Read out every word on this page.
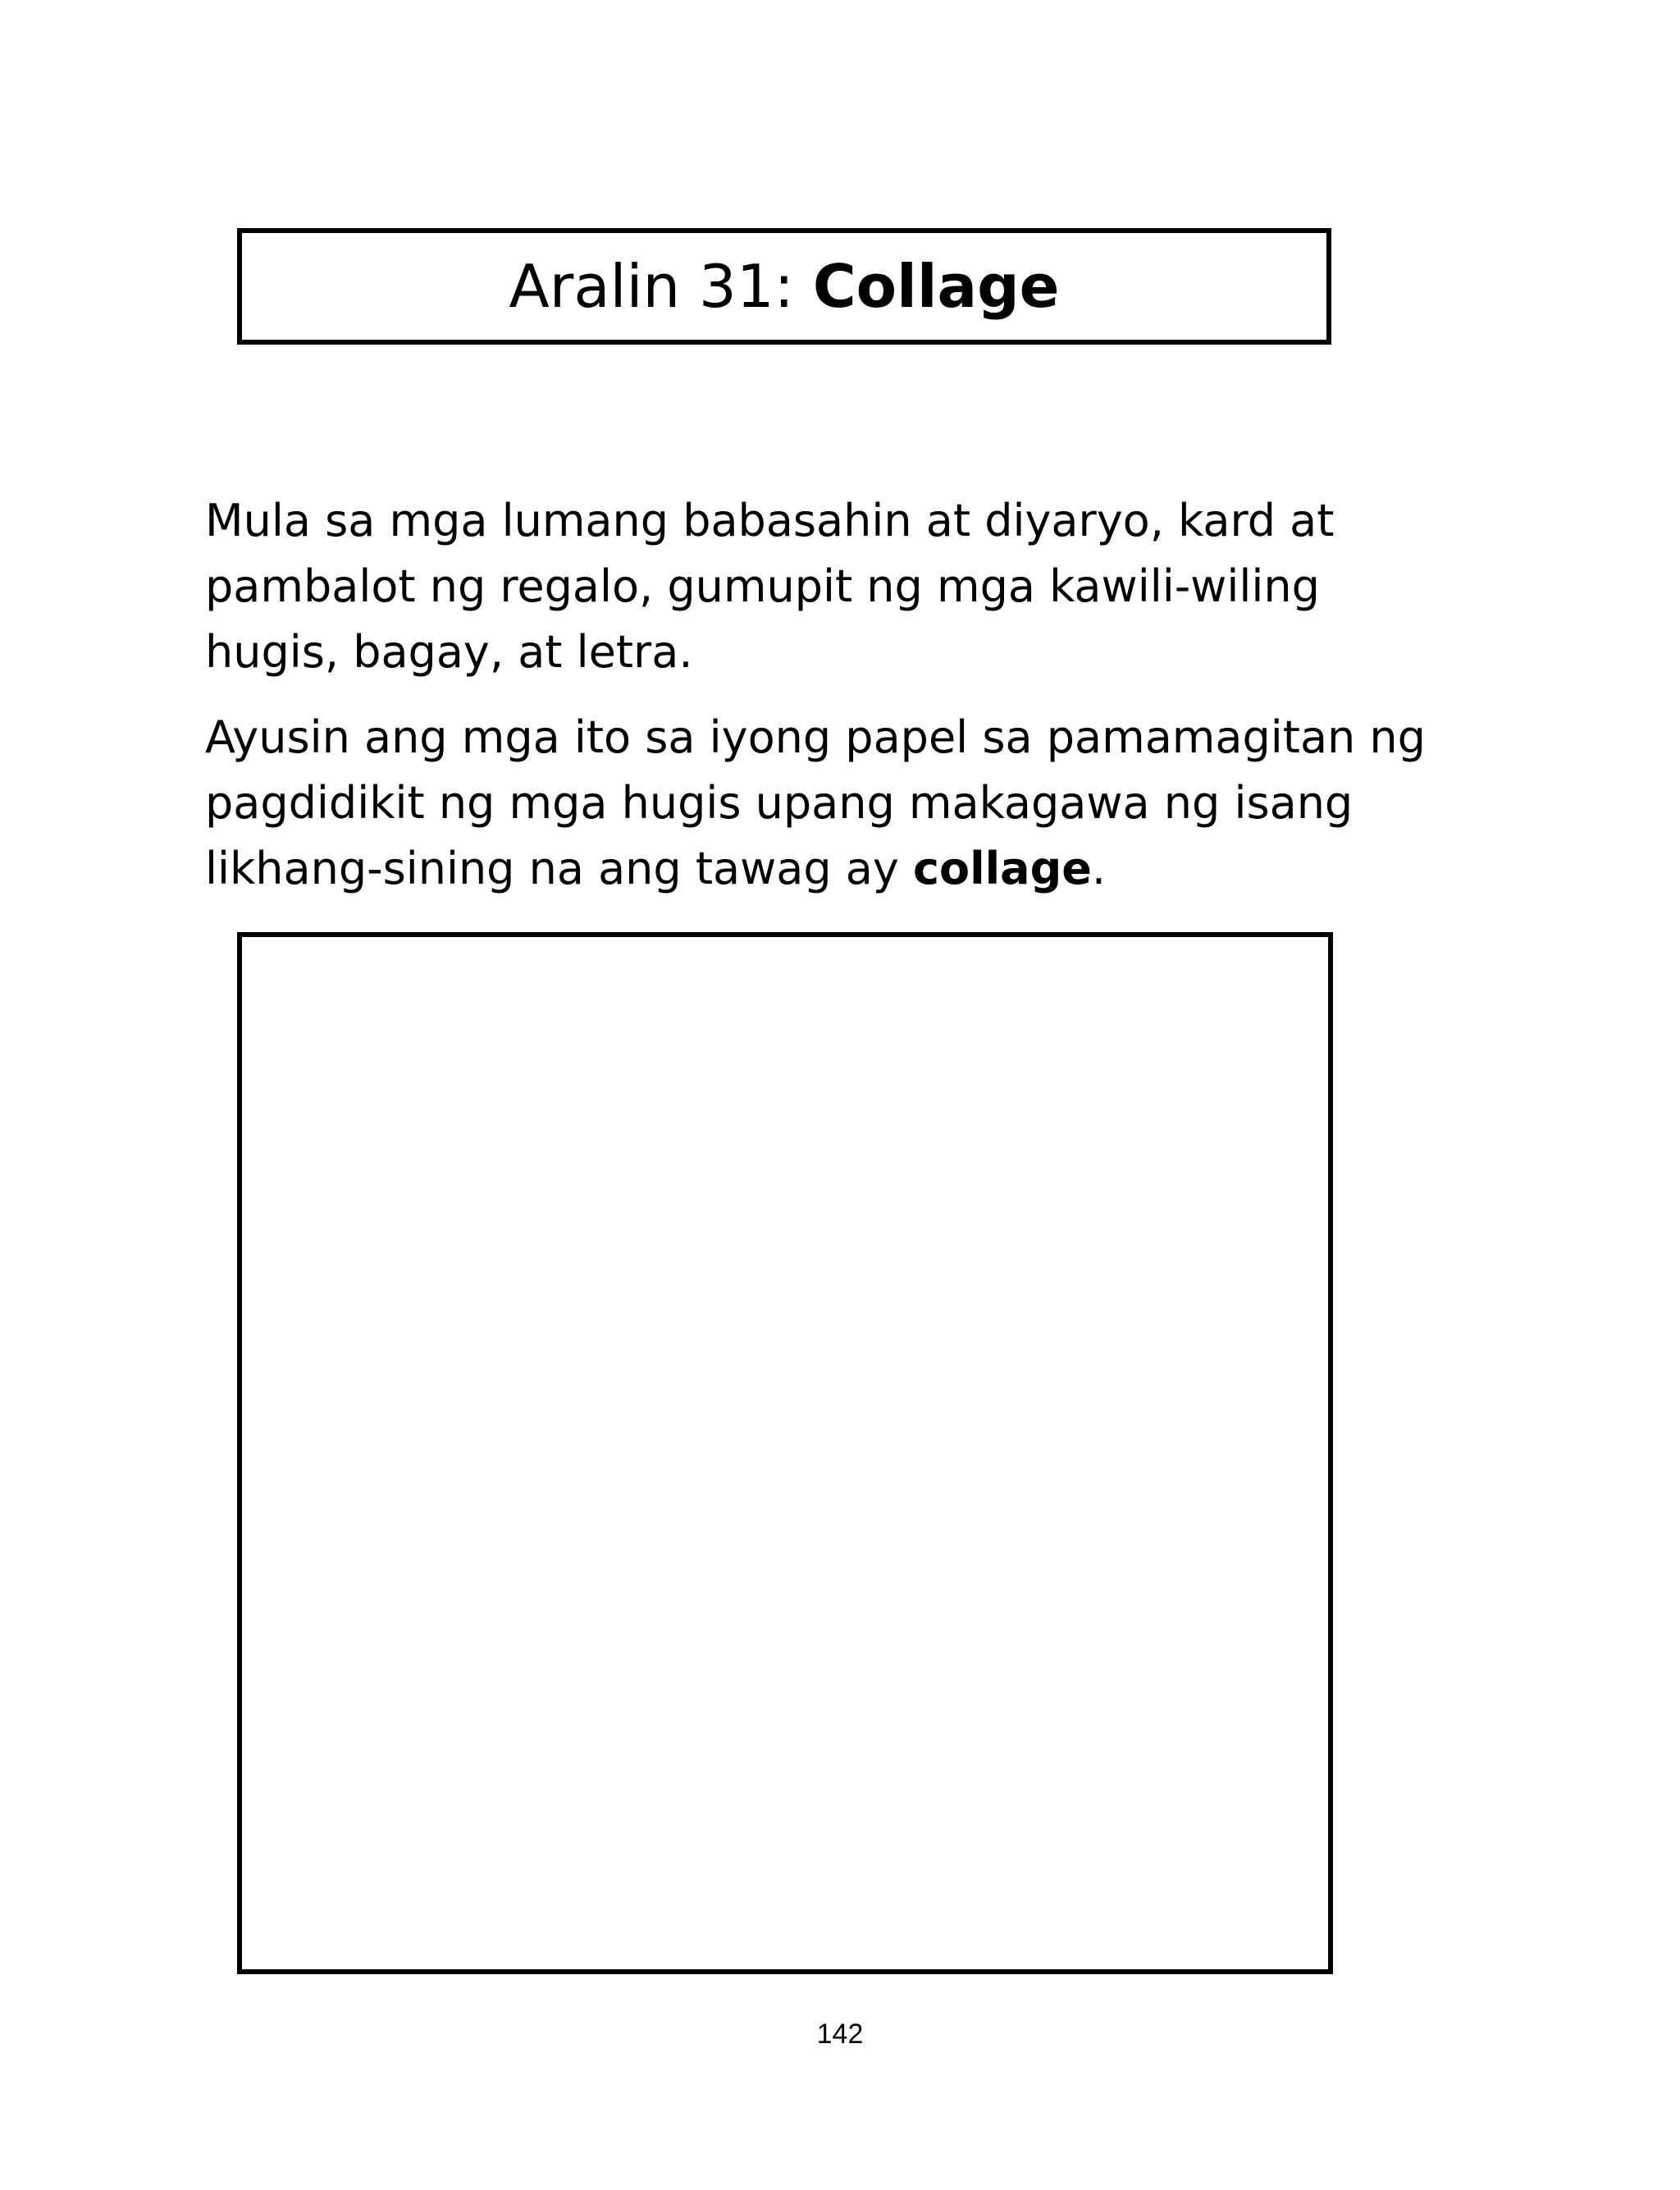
Aralin 31:
Collage

Mula sa mga lumang babasahin at diyaryo, kard at pambalot ng regalo, gumupit ng mga kawili-wiling hugis, bagay, at letra.

Ayusin ang mga ito sa iyong papel sa pamamagitan ng pagdidikit ng mga hugis upang makagawa ng isang likhang-sining na ang tawag ay collage.

142
